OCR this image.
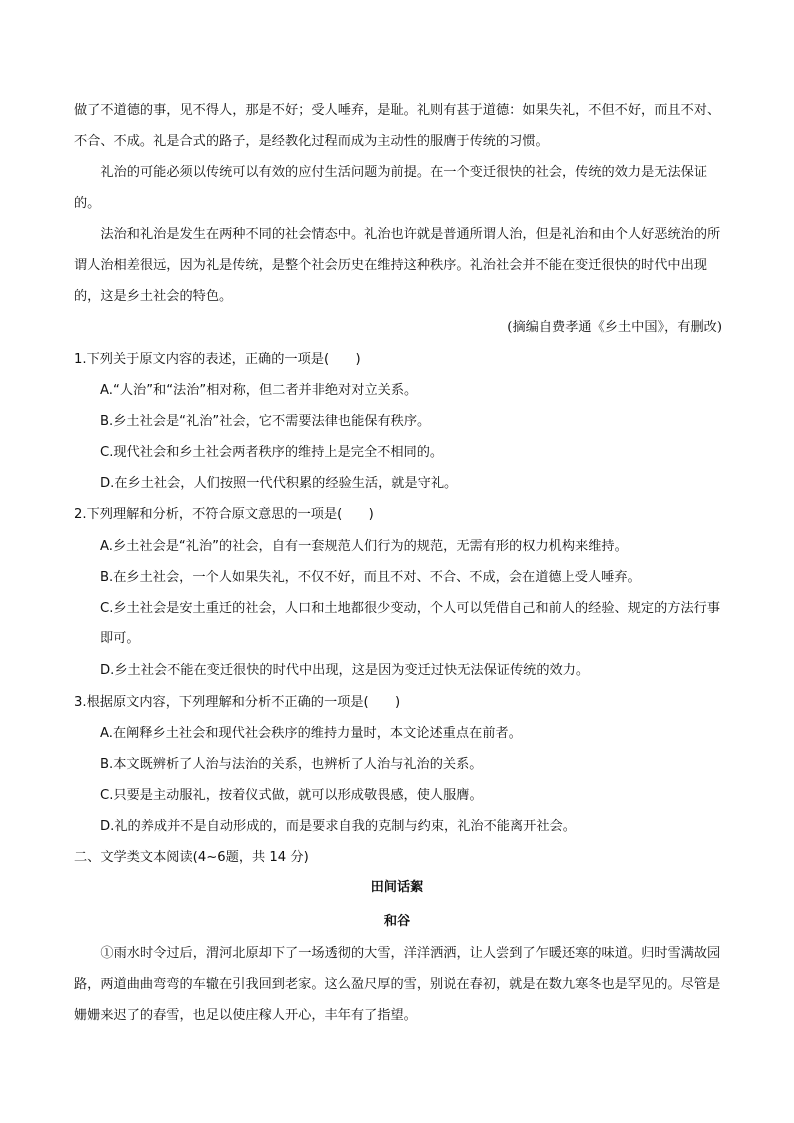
做了不道德的事，见不得人，那是不好；受人唾弃，是耻。礼则有甚于道德：如果失礼，不但不好，而且不对、不合、不成。礼是合式的路子，是经教化过程而成为主动性的服膺于传统的习惯。

礼治的可能必须以传统可以有效的应付生活问题为前提。在一个变迁很快的社会，传统的效力是无法保证的。

法治和礼治是发生在两种不同的社会情态中。礼治也许就是普通所谓人治，但是礼治和由个人好恶统治的所谓人治相差很远，因为礼是传统，是整个社会历史在维持这种秩序。礼治社会并不能在变迁很快的时代中出现的，这是乡土社会的特色。

(摘编自费孝通《乡土中国》，有删改)

1.下列关于原文内容的表述，正确的一项是(　　)

A.“人治”和“法治”相对称，但二者并非绝对对立关系。

B.乡土社会是“礼治”社会，它不需要法律也能保有秩序。

C.现代社会和乡土社会两者秩序的维持上是完全不相同的。

D.在乡土社会，人们按照一代代积累的经验生活，就是守礼。

2.下列理解和分析，不符合原文意思的一项是(　　)

A.乡土社会是“礼治”的社会，自有一套规范人们行为的规范，无需有形的权力机构来维持。

B.在乡土社会，一个人如果失礼，不仅不好，而且不对、不合、不成，会在道德上受人唾弃。

C.乡土社会是安土重迁的社会，人口和土地都很少变动，个人可以凭借自己和前人的经验、规定的方法行事即可。

D.乡土社会不能在变迁很快的时代中出现，这是因为变迁过快无法保证传统的效力。

3.根据原文内容，下列理解和分析不正确的一项是(　　)

A.在阐释乡土社会和现代社会秩序的维持力量时，本文论述重点在前者。

B.本文既辨析了人治与法治的关系，也辨析了人治与礼治的关系。

C.只要是主动服礼，按着仪式做，就可以形成敬畏感，使人服膺。

D.礼的养成并不是自动形成的，而是要求自我的克制与约束，礼治不能离开社会。

二、文学类文本阅读(4~6题，共 14 分)

田间话絮

和谷

①雨水时令过后，渭河北原却下了一场透彻的大雪，洋洋洒洒，让人尝到了乍暖还寒的味道。归时雪满故园路，两道曲曲弯弯的车辙在引我回到老家。这么盈尺厚的雪，别说在春初，就是在数九寒冬也是罕见的。尽管是姗姗来迟了的春雪，也足以使庄稼人开心，丰年有了指望。
